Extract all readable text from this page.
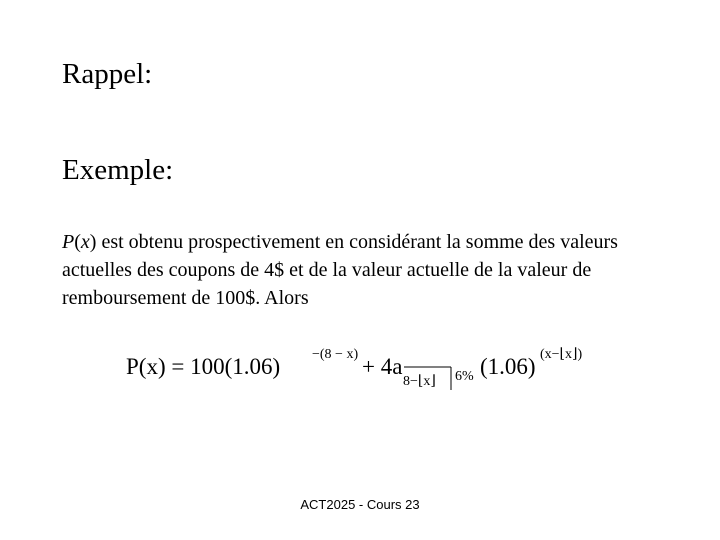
Rappel:
Exemple:
P(x) est obtenu prospectivement en considérant la somme des valeurs actuelles des coupons de 4$ et de la valeur actuelle de la valeur de remboursement de 100$. Alors
P(x) = 100(1.06) −(8 − x) + 4a
8−⌊x⌋ 6% (1.06) (x−⌊x⌋)
ACT2025 - Cours 23
